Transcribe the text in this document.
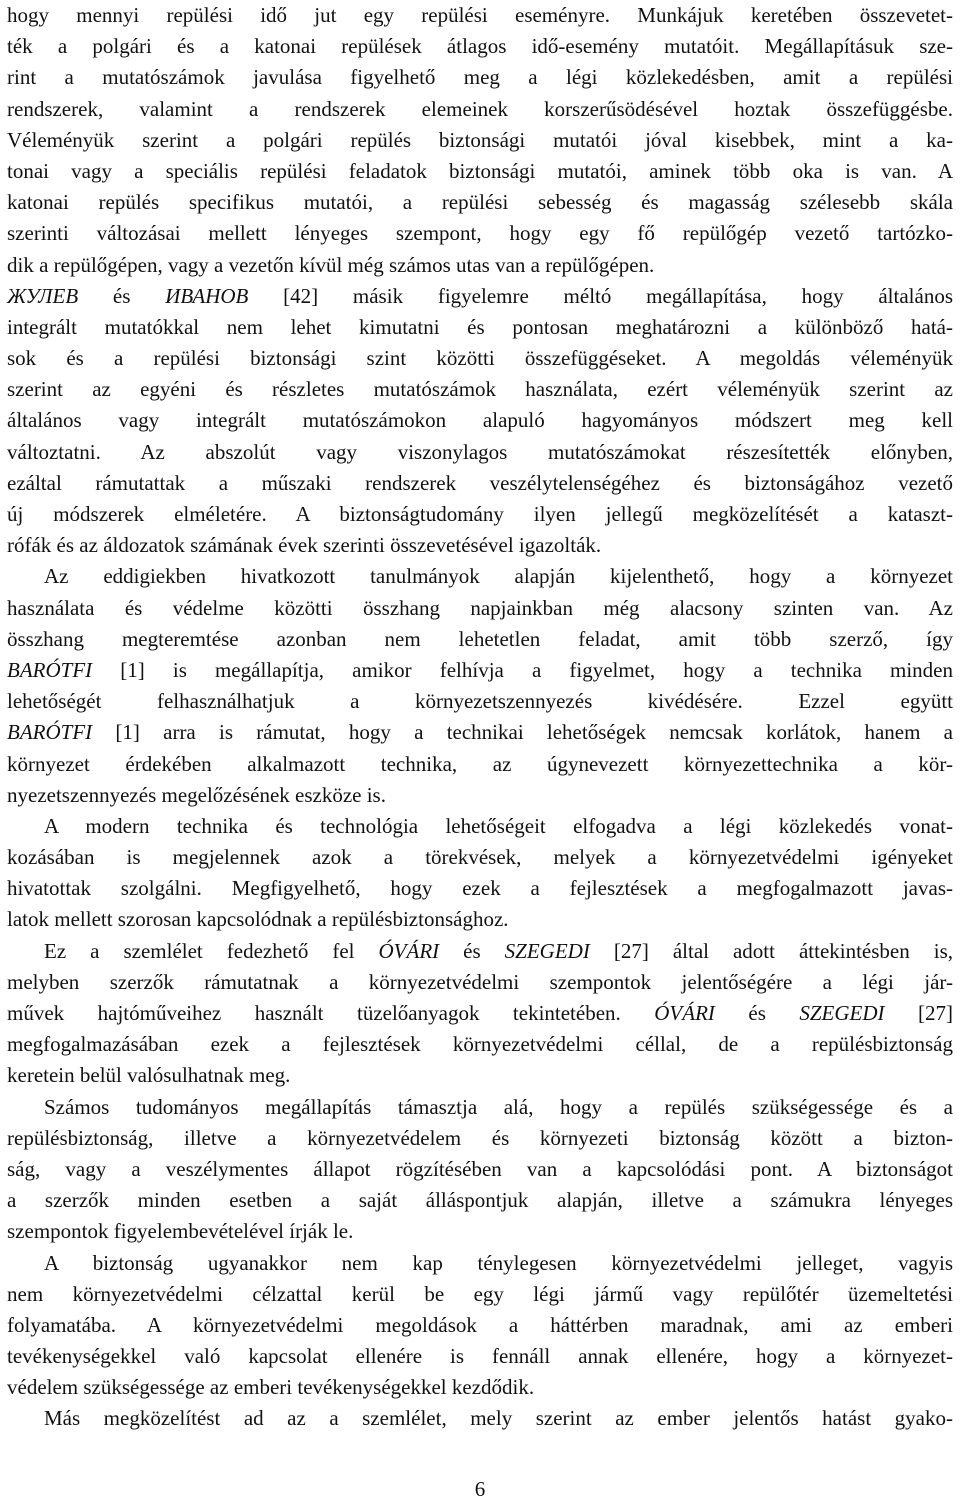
hogy mennyi repülési idő jut egy repülési eseményre. Munkájuk keretében összevetet-
ték a polgári és a katonai repülések átlagos idő-esemény mutatóit. Megállapításuk sze-
rint a mutatószámok javulása figyelhető meg a légi közlekedésben, amit a repülési
rendszerek, valamint a rendszerek elemeinek korszerűsödésével hoztak összefüggésbe.
Véleményük szerint a polgári repülés biztonsági mutatói jóval kisebbek, mint a ka-
tonai vagy a speciális repülési feladatok biztonsági mutatói, aminek több oka is van. A
katonai repülés specifikus mutatói, a repülési sebesség és magasság szélesebb skála
szerinti változásai mellett lényeges szempont, hogy egy fő repülőgép vezető tartózko-
dik a repülőgépen, vagy a vezetőn kívül még számos utas van a repülőgépen.
ЖУЛЕВ és ИВАНОВ [42] másik figyelemre méltó megállapítása, hogy általános
integrált mutatókkal nem lehet kimutatni és pontosan meghatározni a különböző hatá-
sok és a repülési biztonsági szint közötti összefüggéseket. A megoldás véleményük
szerint az egyéni és részletes mutatószámok használata, ezért véleményük szerint az
általános vagy integrált mutatószámokon alapuló hagyományos módszert meg kell
változtatni. Az abszolút vagy viszonylagos mutatószámokat részesítették előnyben,
ezáltal rámutattak a műszaki rendszerek veszélytelenségéhez és biztonságához vezető
új módszerek elméletére. A biztonságtudomány ilyen jellegű megközelítését a kataszt-
rófák és az áldozatok számának évek szerinti összevetésével igazolták.
Az eddigiekben hivatkozott tanulmányok alapján kijelenthető, hogy a környezet
használata és védelme közötti összhang napjainkban még alacsony szinten van. Az
összhang megteremtése azonban nem lehetetlen feladat, amit több szerző, így
BARÓTFI [1] is megállapítja, amikor felhívja a figyelmet, hogy a technika minden
lehetőségét felhasználhatjuk a környezetszennyezés kivédésére. Ezzel együtt
BARÓTFI [1] arra is rámutat, hogy a technikai lehetőségek nemcsak korlátok, hanem a
környezet érdekében alkalmazott technika, az úgynevezett környezettechnika a kör-
nyezetszennyezés megelőzésének eszköze is.
A modern technika és technológia lehetőségeit elfogadva a légi közlekedés vonat-
kozásában is megjelennek azok a törekvések, melyek a környezetvédelmi igényeket
hivatottak szolgálni. Megfigyelhető, hogy ezek a fejlesztések a megfogalmazott javas-
latok mellett szorosan kapcsolódnak a repülésbiztonsághoz.
Ez a szemlélet fedezhető fel ÓVÁRI és SZEGEDI [27] által adott áttekintésben is,
melyben szerzők rámutatnak a környezetvédelmi szempontok jelentőségére a légi jár-
művek hajtóműveihez használt tüzelőanyagok tekintetében. ÓVÁRI és SZEGEDI [27]
megfogalmazásában ezek a fejlesztések környezetvédelmi céllal, de a repülésbiztonság
keretein belül valósulhatnak meg.
Számos tudományos megállapítás támasztja alá, hogy a repülés szükségessége és a
repülésbiztonság, illetve a környezetvédelem és környezeti biztonság között a bizton-
ság, vagy a veszélymentes állapot rögzítésében van a kapcsolódási pont. A biztonságot
a szerzők minden esetben a saját álláspontjuk alapján, illetve a számukra lényeges
szempontok figyelembevételével írják le.
A biztonság ugyanakkor nem kap ténylegesen környezetvédelmi jelleget, vagyis
nem környezetvédelmi célzattal kerül be egy légi jármű vagy repülőtér üzemeltetési
folyamatába. A környezetvédelmi megoldások a háttérben maradnak, ami az emberi
tevékenységekkel való kapcsolat ellenére is fennáll annak ellenére, hogy a környezet-
védelem szükségessége az emberi tevékenységekkel kezdődik.
Más megközelítést ad az a szemlélet, mely szerint az ember jelentős hatást gyako-
6
